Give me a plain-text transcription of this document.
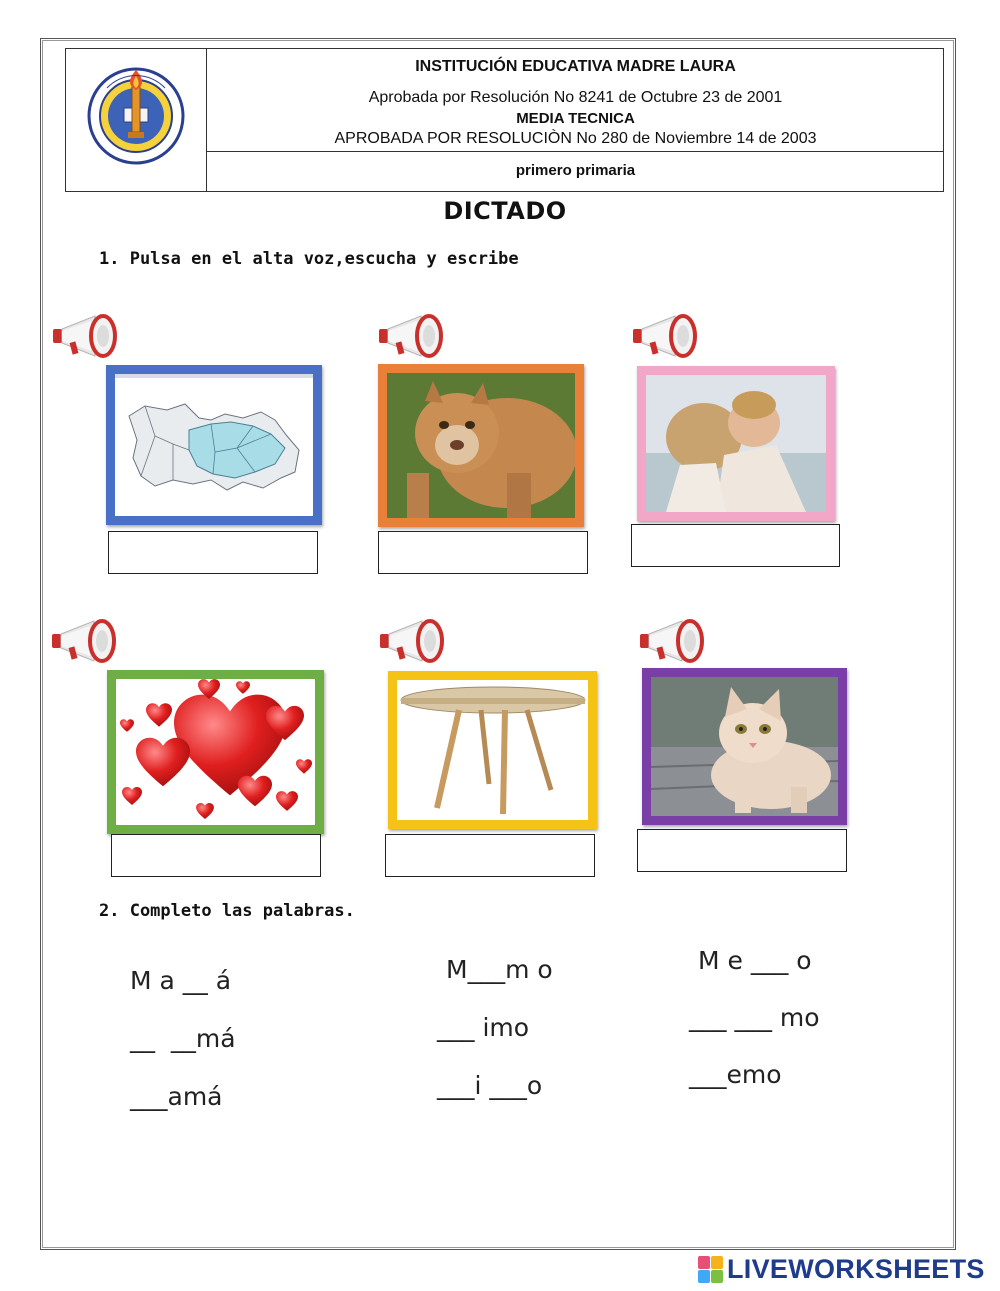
INSTITUCIÓN EDUCATIVA MADRE LAURA
Aprobada por Resolución No 8241 de Octubre 23 de 2001
MEDIA TECNICA
APROBADA POR RESOLUCIÒN No 280 de Noviembre 14 de 2003
primero primaria
DICTADO
1. Pulsa en el alta voz,escucha y escribe
2. Completo las palabras.
M a __ á
__  __má
___amá
M___m o
___ imo
___i ___o
M e ___ o
___ ___ mo
___emo
LIVEWORKSHEETS
